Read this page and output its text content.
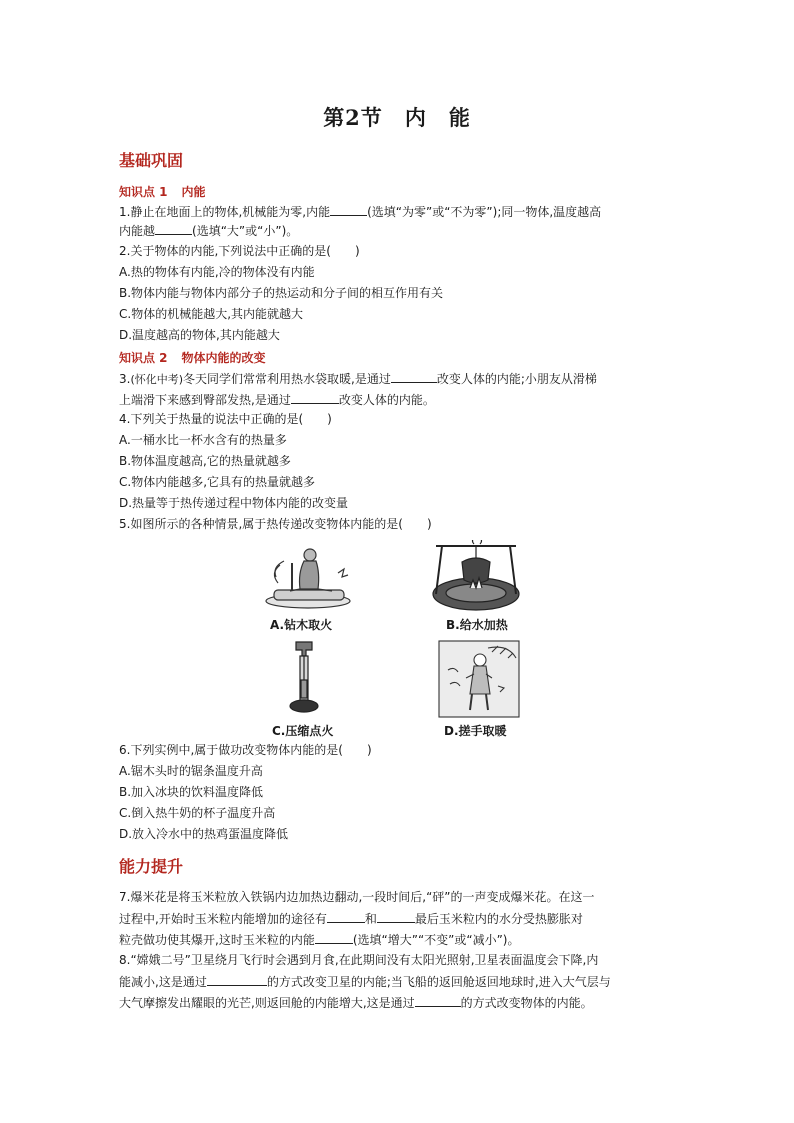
第2节 内 能
基础巩固
知识点 1 内能
1.静止在地面上的物体,机械能为零,内能	(选填“为零”或“不为零”);同一物体,温度越高
内能越	(选填“大”或“小”)。
2.关于物体的内能,下列说法中正确的是(　　)
A.热的物体有内能,冷的物体没有内能
B.物体内能与物体内部分子的热运动和分子间的相互作用有关
C.物体的机械能越大,其内能就越大
D.温度越高的物体,其内能越大
知识点 2 物体内能的改变
3.(怀化中考)冬天同学们常常利用热水袋取暖,是通过	改变人体的内能;小朋友从滑梯
上端滑下来感到臀部发热,是通过	改变人体的内能。
4.下列关于热量的说法中正确的是(　　)
A.一桶水比一杯水含有的热量多
B.物体温度越高,它的热量就越多
C.物体内能越多,它具有的热量就越多
D.热量等于热传递过程中物体内能的改变量
5.如图所示的各种情景,属于热传递改变物体内能的是(　　)
A.钻木取火	B.给水加热
C.压缩点火	D.搓手取暖
6.下列实例中,属于做功改变物体内能的是(　　)
A.锯木头时的锯条温度升高
B.加入冰块的饮料温度降低
C.倒入热牛奶的杯子温度升高
D.放入冷水中的热鸡蛋温度降低
能力提升
7.爆米花是将玉米粒放入铁锅内边加热边翻动,一段时间后,“砰”的一声变成爆米花。在这一
过程中,开始时玉米粒内能增加的途径有	和	最后玉米粒内的水分受热膨胀对
粒壳做功使其爆开,这时玉米粒的内能	(选填“增大”“不变”或“减小”)。
8.“嫦娥二号”卫星绕月飞行时会遇到月食,在此期间没有太阳光照射,卫星表面温度会下降,内
能减小,这是通过	的方式改变卫星的内能;当飞船的返回舱返回地球时,进入大气层与
大气摩擦发出耀眼的光芒,则返回舱的内能增大,这是通过	的方式改变物体的内能。
